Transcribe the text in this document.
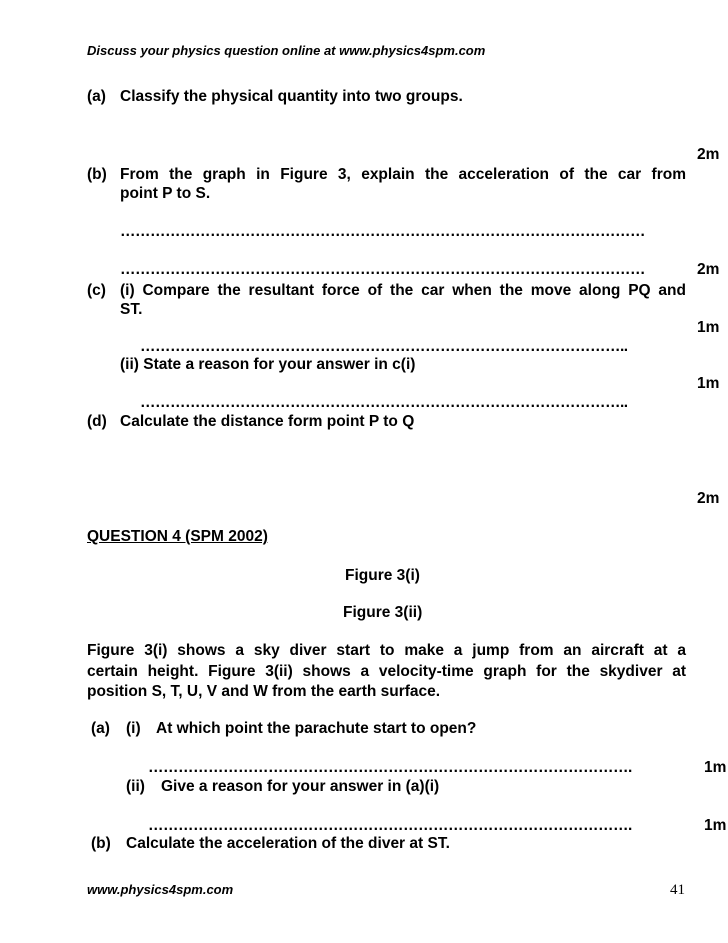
Discuss your physics question online at www.physics4spm.com
(a) Classify the physical quantity into two groups.
2m
(b) From the graph in Figure 3, explain the acceleration of the car from
point P to S.
……………………………………………………………………………………………
……………………………………………………………………………………………	2m
(c) (i) Compare the resultant force of the car when the move along PQ and
ST.
1m
……………………………………………………………………………………..
(ii) State a reason for your answer in c(i)
1m
……………………………………………………………………………………..
(d) Calculate the distance form point P to Q
2m
QUESTION 4 (SPM 2002)
Figure 3(i)
Figure 3(ii)
Figure 3(i) shows a sky diver start to make a jump from an aircraft at a
certain height. Figure 3(ii) shows a velocity-time graph for the skydiver at
position S, T, U, V and W from the earth surface.
(a) (i) At which point the parachute start to open?
…………………………………………………………………………………….	1m
(ii) Give a reason for your answer in (a)(i)
…………………………………………………………………………………….	1m
(b) Calculate the acceleration of the diver at ST.
www.physics4spm.com	41
